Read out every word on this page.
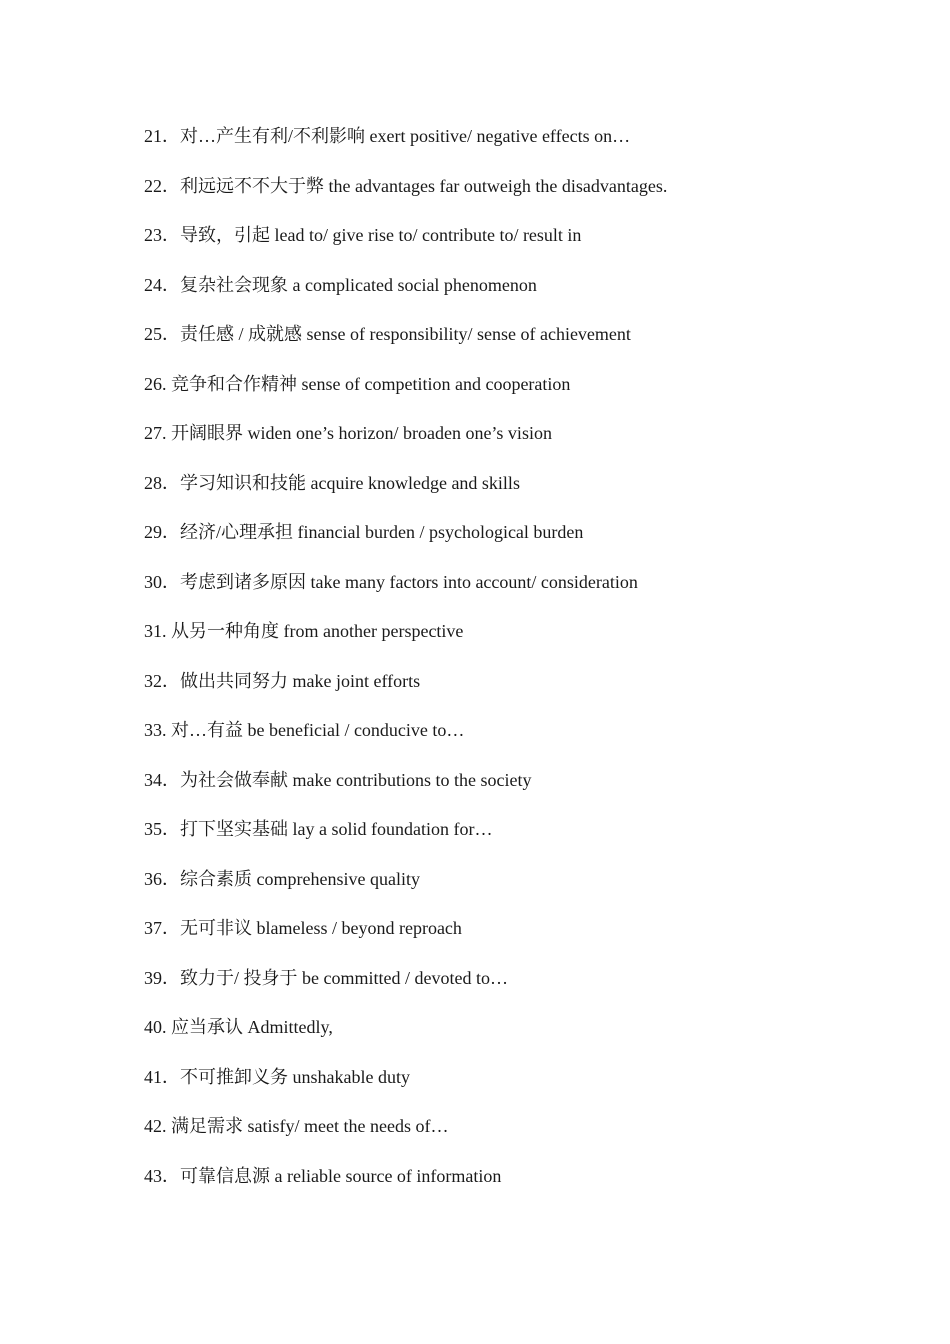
21．对…产生有利/不利影响 exert positive/ negative effects on…
22．利远远不不大于弊 the advantages far outweigh the disadvantages.
23．导致，引起 lead to/ give rise to/ contribute to/ result in
24．复杂社会现象 a complicated social phenomenon
25．责任感 / 成就感 sense of responsibility/ sense of achievement
26. 竞争和合作精神 sense of competition and cooperation
27. 开阔眼界 widen one’s horizon/ broaden one’s vision
28．学习知识和技能 acquire knowledge and skills
29．经济/心理承担 financial burden / psychological burden
30．考虑到诸多原因 take many factors into account/ consideration
31. 从另一种角度 from another perspective
32．做出共同努力 make joint efforts
33. 对…有益 be beneficial / conducive to…
34．为社会做奉献 make contributions to the society
35．打下坚实基础 lay a solid foundation for…
36．综合素质 comprehensive quality
37．无可非议 blameless / beyond reproach
39．致力于/ 投身于 be committed / devoted to…
40. 应当承认 Admittedly,
41．不可推卸义务 unshakable duty
42. 满足需求 satisfy/ meet the needs of…
43．可靠信息源 a reliable source of information
